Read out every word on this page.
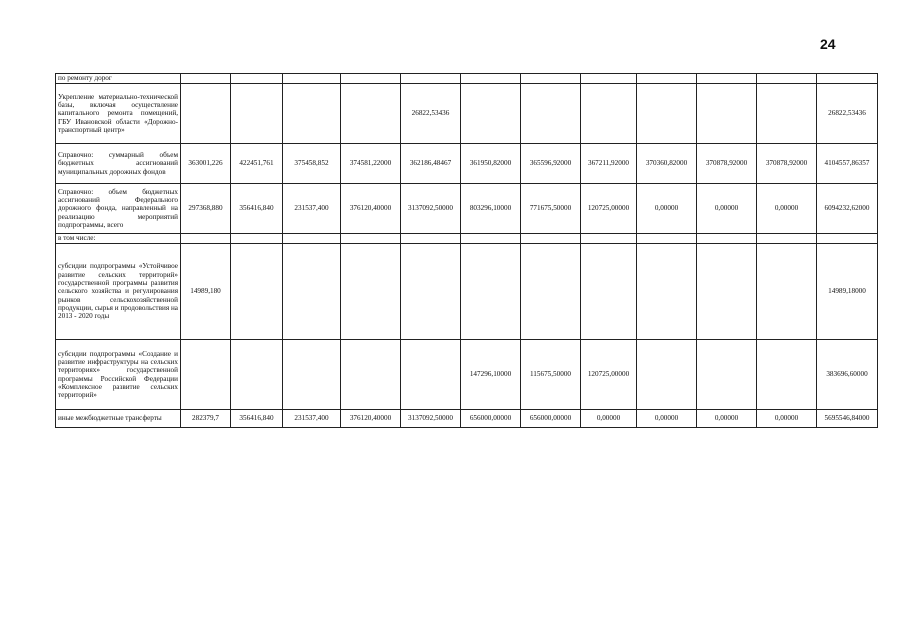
24
по ремонту дорог													
Укрепление материально-технической базы, включая осуществление капитального ремонта помещений, ГБУ Ивановской области «Дорожно-транспортный центр»					26822,53436							26822,53436	
Справочно: суммарный объем бюджетных ассигнований муниципальных дорожных фондов	363001,226	422451,761	375458,852	374581,22000	362186,48467	361950,82000	365596,92000	367211,92000	370360,82000	370878,92000	370878,92000	4104557,86357	
Справочно: объем бюджетных ассигнований Федерального дорожного фонда, направленный на реализацию мероприятий подпрограммы, всего	297368,880	356416,840	231537,400	376120,40000	3137092,50000	803296,10000	771675,50000	120725,00000	0,00000	0,00000	0,00000	6094232,62000	
в том числе:													
субсидии подпрограммы «Устойчивое развитие сельских территорий» государственной программы развития сельского хозяйства и регулирования рынков сельскохозяйственной продукции, сырья и продовольствия на 2013 - 2020 годы	14989,180											14989,18000	
субсидии подпрограммы «Создание и развитие инфраструктуры на сельских территориях» государственной программы Российской Федерации «Комплексное развитие сельских территорий»						147296,10000	115675,50000	120725,00000				383696,60000	
иные межбюджетные трансферты	282379,7	356416,840	231537,400	376120,40000	3137092,50000	656000,00000	656000,00000	0,00000	0,00000	0,00000	0,00000	5695546,84000	
